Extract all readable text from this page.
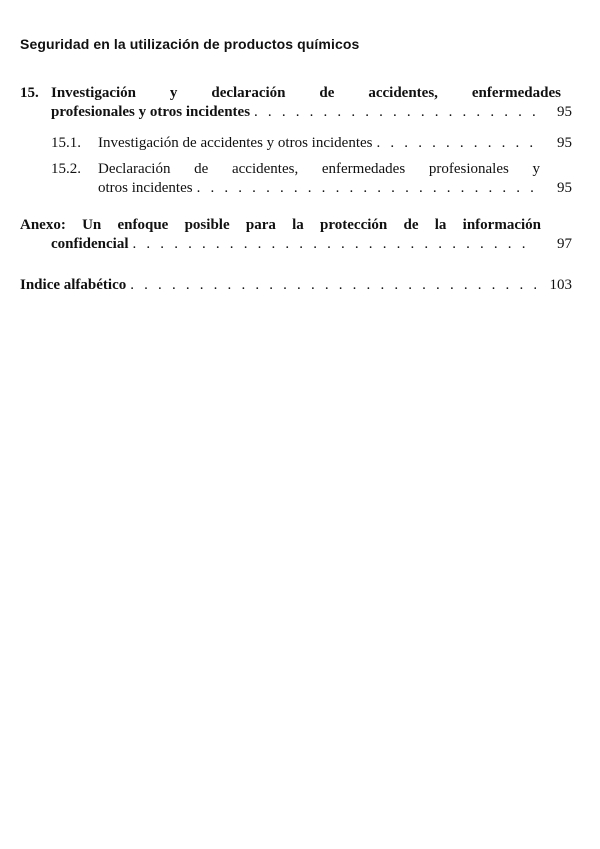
Seguridad en la utilización de productos químicos
15. Investigación y declaración de accidentes, enfermedades
profesionales y otros incidentes . . .	95
15.1. Investigación de accidentes y otros incidentes . . .	95
15.2. Declaración de accidentes, enfermedades profesionales y
otros incidentes . . .	95
Anexo: Un enfoque posible para la protección de la información
confidencial . . .	97
Indice alfabético . . .	103
